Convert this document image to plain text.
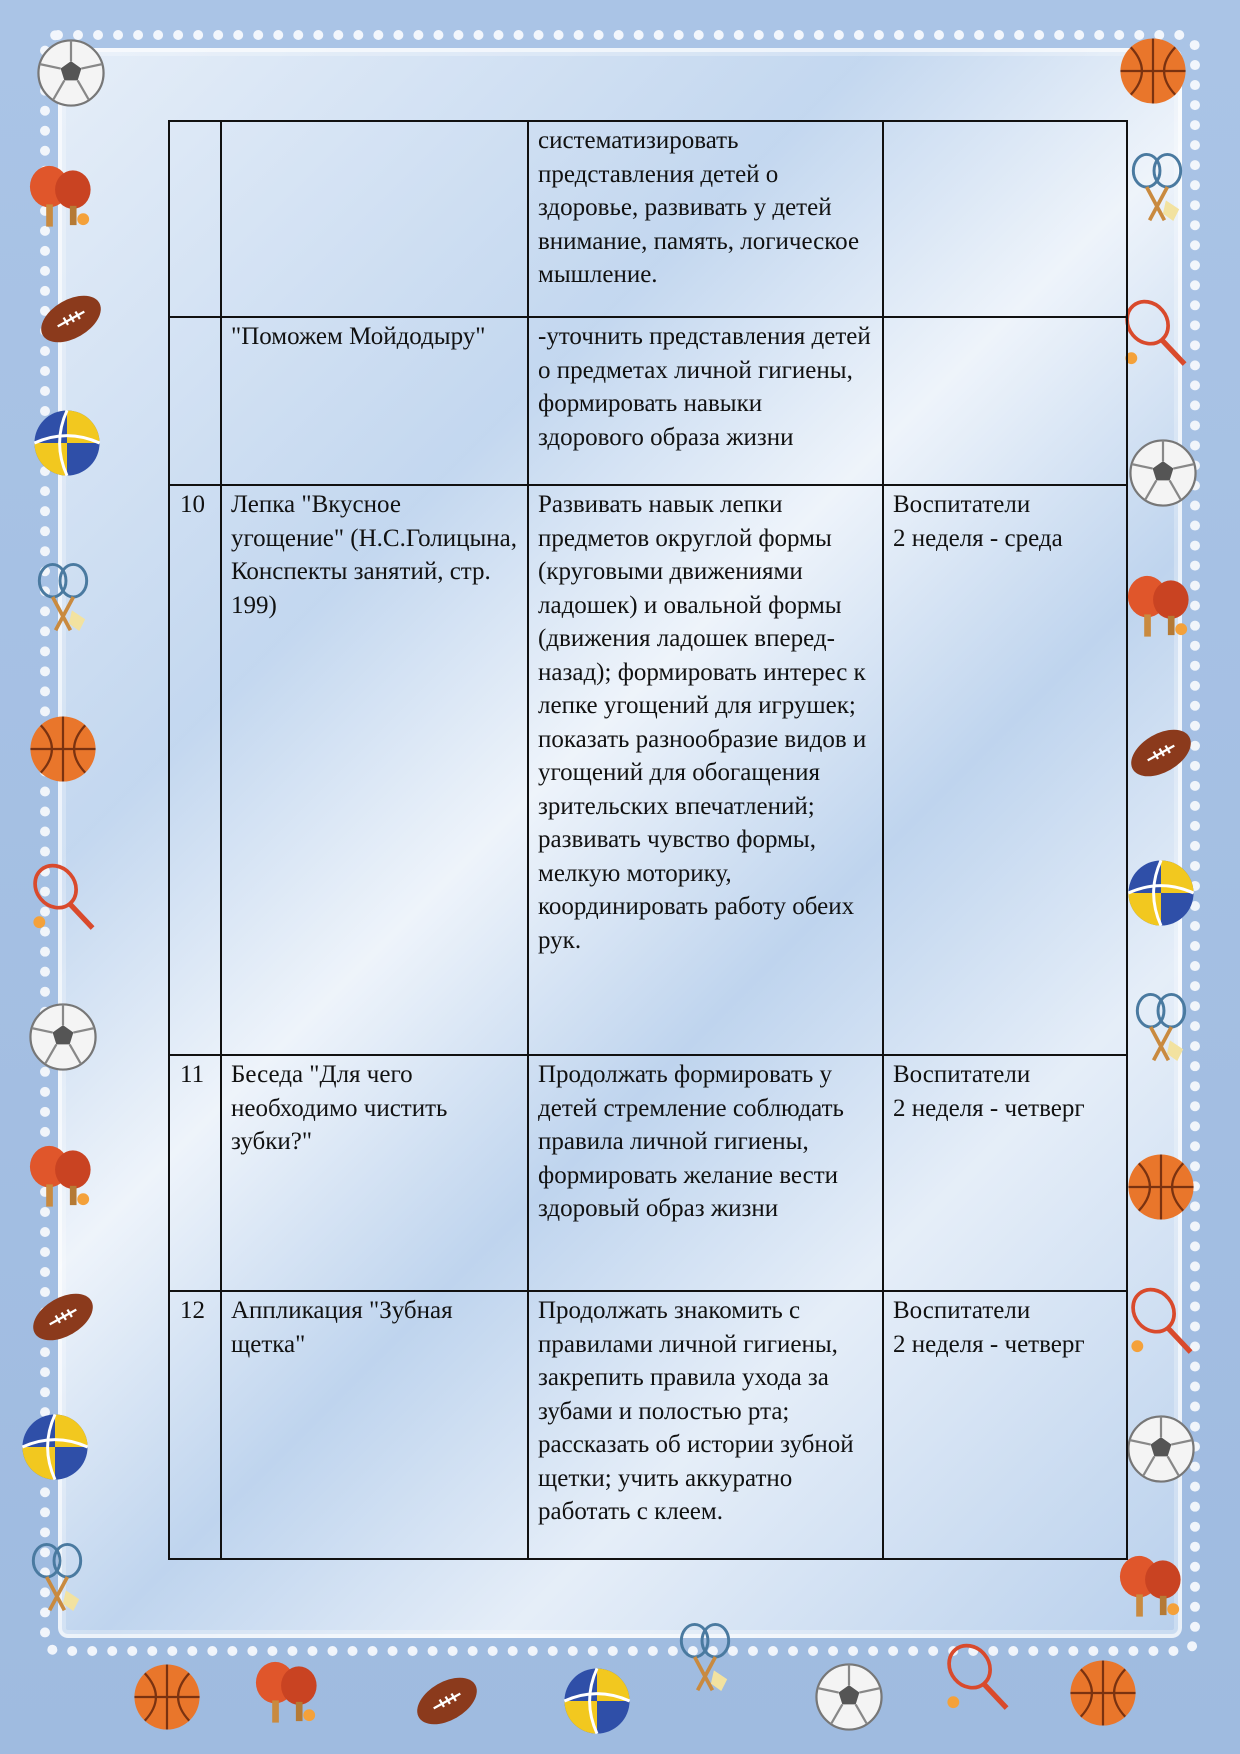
		систематизировать представления детей о здоровье, развивать у детей внимание, память, логическое мышление.	
	"Поможем Мойдодыру"	-уточнить представления детей о предметах личной гигиены, формировать навыки здорового образа жизни	
10	Лепка "Вкусное угощение" (Н.С.Голицына, Конспекты занятий, стр. 199)	Развивать навык лепки предметов округлой формы (круговыми движениями ладошек) и овальной формы (движения ладошек вперед-назад); формировать интерес к лепке угощений для игрушек; показать разнообразие видов и угощений для обогащения зрительских впечатлений; развивать чувство формы, мелкую моторику, координировать работу обеих рук.	Воспитатели
2 неделя - среда

11	Беседа "Для чего необходимо чистить зубки?"	Продолжать формировать у детей стремление соблюдать правила личной гигиены, формировать желание вести здоровый образ жизни	Воспитатели
2 неделя - четверг

12	Аппликация "Зубная щетка"	Продолжать знакомить с правилами личной гигиены, закрепить правила ухода за зубами и полостью рта; рассказать об истории зубной щетки; учить аккуратно работать с клеем.	Воспитатели
2 неделя - четверг
